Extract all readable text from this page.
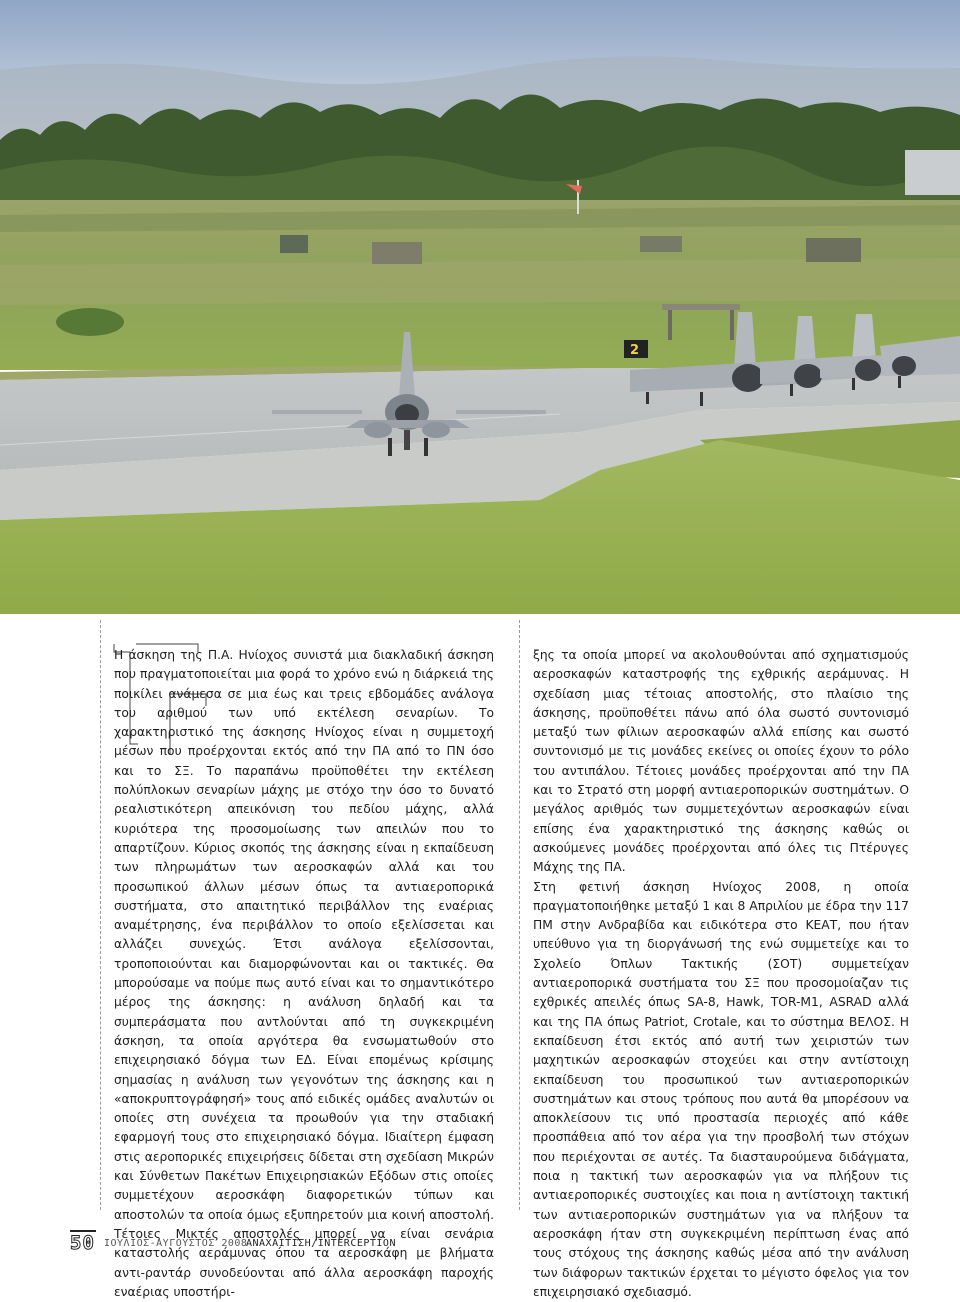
2
Η άσκηση της Π.Α. Ηνίοχος συνιστά μια διακλαδική άσκηση που πραγματοποιείται μια φορά το χρόνο ενώ η διάρκειά της ποικίλει ανάμεσα σε μια έως και τρεις εβδομάδες ανάλογα του αριθμού των υπό εκτέλεση σεναρίων. Το χαρακτηριστικό της άσκησης Ηνίοχος είναι η συμμετοχή μέσων που προέρχονται εκτός από την ΠΑ από το ΠΝ όσο και το ΣΞ. Το παραπάνω προϋποθέτει την εκτέλεση πολύπλοκων σεναρίων μάχης με στόχο την όσο το δυνατό ρεαλιστικότερη απεικόνιση του πεδίου μάχης, αλλά κυριότερα της προσομοίωσης των απειλών που το απαρτίζουν. Κύριος σκοπός της άσκησης είναι η εκπαίδευση των πληρωμάτων των αεροσκαφών αλλά και του προσωπικού άλλων μέσων όπως τα αντιαεροπορικά συστήματα, στο απαιτητικό περιβάλλον της εναέριας αναμέτρησης, ένα περιβάλλον το οποίο εξελίσσεται και αλλάζει συνεχώς. Έτσι ανάλογα εξελίσσονται, τροποποιούνται και διαμορφώνονται και οι τακτικές. Θα μπορούσαμε να πούμε πως αυτό είναι και το σημαντικότερο μέρος της άσκησης: η ανάλυση δηλαδή και τα συμπεράσματα που αντλούνται από τη συγκεκριμένη άσκηση, τα οποία αργότερα θα ενσωματωθούν στο επιχειρησιακό δόγμα των ΕΔ. Είναι επομένως κρίσιμης σημασίας η ανάλυση των γεγονότων της άσκησης και η «αποκρυπτογράφησή» τους από ειδικές ομάδες αναλυτών οι οποίες στη συνέχεια τα προωθούν για την σταδιακή εφαρμογή τους στο επιχειρησιακό δόγμα. Ιδιαίτερη έμφαση στις αεροπορικές επιχειρήσεις δίδεται στη σχεδίαση Μικρών και Σύνθετων Πακέτων Επιχειρησιακών Εξόδων στις οποίες συμμετέχουν αεροσκάφη διαφορετικών τύπων και αποστολών τα οποία όμως εξυπηρετούν μια κοινή αποστολή. Τέτοιες Μικτές αποστολές μπορεί να είναι σενάρια καταστολής αεράμυνας όπου τα αεροσκάφη με βλήματα αντι-ραντάρ συνοδεύονται από άλλα αεροσκάφη παροχής εναέριας υποστήρι-
ξης τα οποία μπορεί να ακολουθούνται από σχηματισμούς αεροσκαφών καταστροφής της εχθρικής αεράμυνας. Η σχεδίαση μιας τέτοιας αποστολής, στο πλαίσιο της άσκησης, προϋποθέτει πάνω από όλα σωστό συντονισμό μεταξύ των φίλιων αεροσκαφών αλλά επίσης και σωστό συντονισμό με τις μονάδες εκείνες οι οποίες έχουν το ρόλο του αντιπάλου. Τέτοιες μονάδες προέρχονται από την ΠΑ και το Στρατό στη μορφή αντιαεροπορικών συστημάτων. Ο μεγάλος αριθμός των συμμετεχόντων αεροσκαφών είναι επίσης ένα χαρακτηριστικό της άσκησης καθώς οι ασκούμενες μονάδες προέρχονται από όλες τις Πτέρυγες Μάχης της ΠΑ.
Στη φετινή άσκηση Ηνίοχος 2008, η οποία πραγματοποιήθηκε μεταξύ 1 και 8 Απριλίου με έδρα την 117 ΠΜ στην Ανδραβίδα και ειδικότερα στο ΚΕΑΤ, που ήταν υπεύθυνο για τη διοργάνωσή της ενώ συμμετείχε και το Σχολείο Όπλων Τακτικής (ΣΟΤ) συμμετείχαν αντιαεροπορικά συστήματα του ΣΞ που προσομοίαζαν τις εχθρικές απειλές όπως SA-8, Hawk, TOR-M1, ASRAD αλλά και της ΠΑ όπως Patriot, Crotale, και το σύστημα ΒΕΛΟΣ. Η εκπαίδευση έτσι εκτός από αυτή των χειριστών των μαχητικών αεροσκαφών στοχεύει και στην αντίστοιχη εκπαίδευση του προσωπικού των αντιαεροπορικών συστημάτων και στους τρόπους που αυτά θα μπορέσουν να αποκλείσουν τις υπό προστασία περιοχές από κάθε προσπάθεια από τον αέρα για την προσβολή των στόχων που περιέχονται σε αυτές. Τα διασταυρούμενα διδάγματα, ποια η τακτική των αεροσκαφών για να πλήξουν τις αντιαεροπορικές συστοιχίες και ποια η αντίστοιχη τακτική των αντιαεροπορικών συστημάτων για να πλήξουν τα αεροσκάφη ήταν στη συγκεκριμένη περίπτωση ένας από τους στόχους της άσκησης καθώς μέσα από την ανάλυση των διάφορων τακτικών έρχεται το μέγιστο όφελος για τον επιχειρησιακό σχεδιασμό.
50 ΙΟΥΛΙΟΣ-ΑΥΓΟΥΣΤΟΣ 2008
ΑΝΑΧΑΙΤΙΣΗ/INTERCEPTION
